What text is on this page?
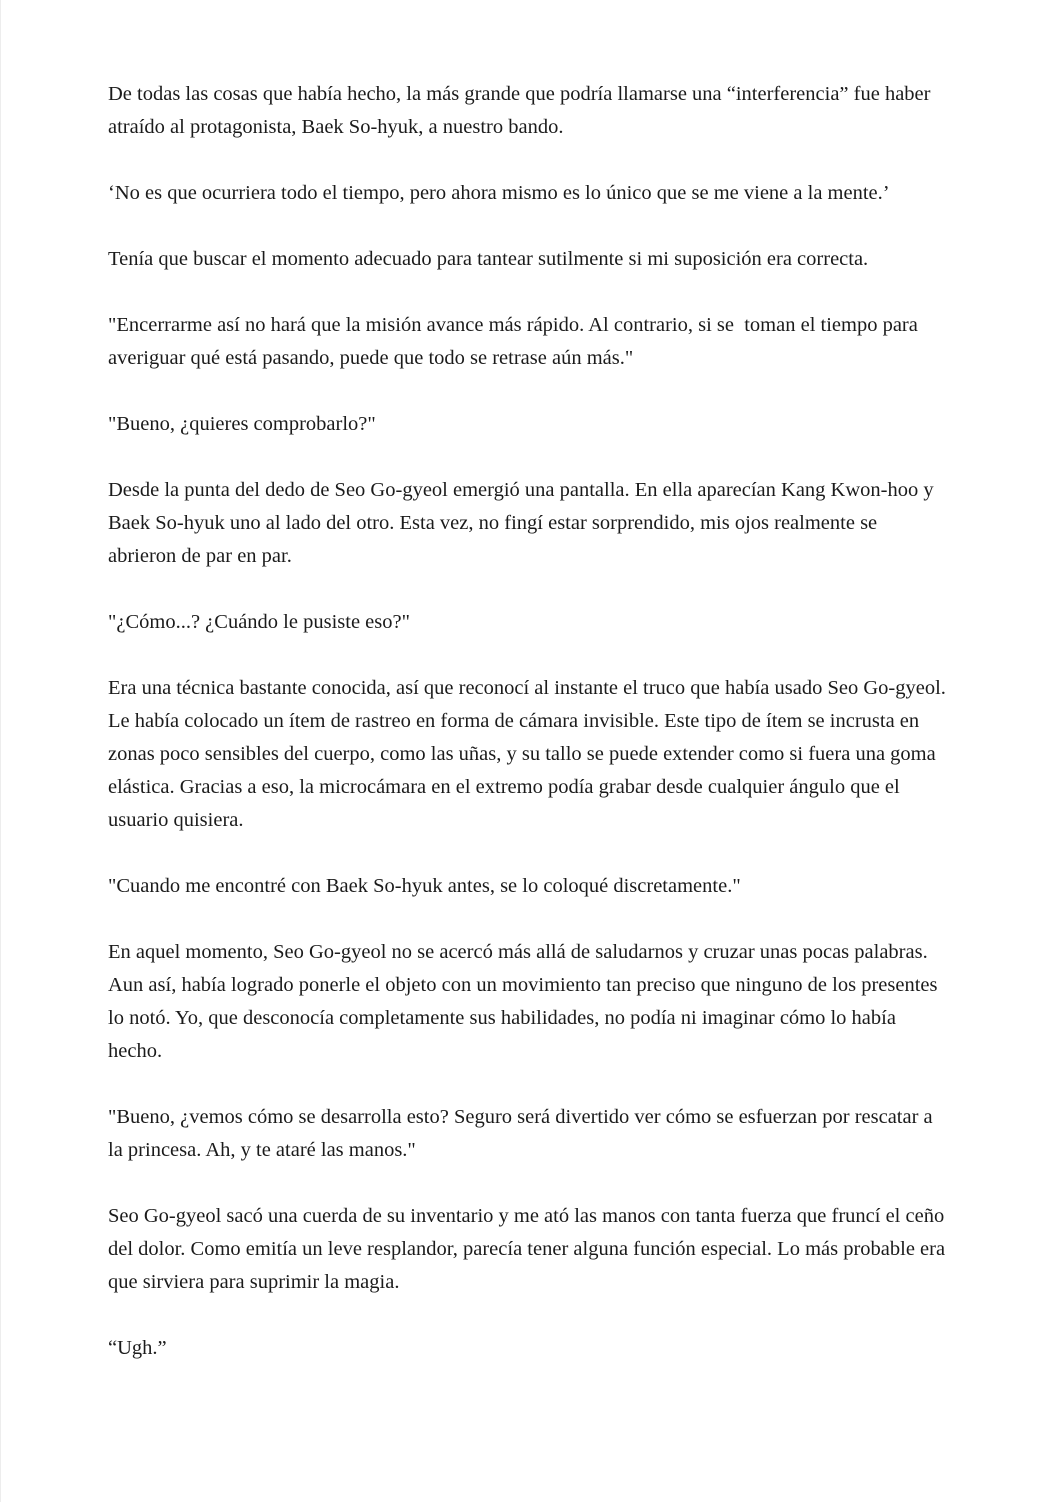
De todas las cosas que había hecho, la más grande que podría llamarse una “interferencia” fue haber atraído al protagonista, Baek So-hyuk, a nuestro bando.

‘No es que ocurriera todo el tiempo, pero ahora mismo es lo único que se me viene a la mente.’

Tenía que buscar el momento adecuado para tantear sutilmente si mi suposición era correcta.

"Encerrarme así no hará que la misión avance más rápido. Al contrario, si se  toman el tiempo para averiguar qué está pasando, puede que todo se retrase aún más."

"Bueno, ¿quieres comprobarlo?"

Desde la punta del dedo de Seo Go-gyeol emergió una pantalla. En ella aparecían Kang Kwon-hoo y Baek So-hyuk uno al lado del otro. Esta vez, no fingí estar sorprendido, mis ojos realmente se abrieron de par en par.

"¿Cómo...? ¿Cuándo le pusiste eso?"

Era una técnica bastante conocida, así que reconocí al instante el truco que había usado Seo Go-gyeol. Le había colocado un ítem de rastreo en forma de cámara invisible. Este tipo de ítem se incrusta en zonas poco sensibles del cuerpo, como las uñas, y su tallo se puede extender como si fuera una goma elástica. Gracias a eso, la microcámara en el extremo podía grabar desde cualquier ángulo que el usuario quisiera.

"Cuando me encontré con Baek So-hyuk antes, se lo coloqué discretamente."

En aquel momento, Seo Go-gyeol no se acercó más allá de saludarnos y cruzar unas pocas palabras. Aun así, había logrado ponerle el objeto con un movimiento tan preciso que ninguno de los presentes lo notó. Yo, que desconocía completamente sus habilidades, no podía ni imaginar cómo lo había hecho.

"Bueno, ¿vemos cómo se desarrolla esto? Seguro será divertido ver cómo se esfuerzan por rescatar a la princesa. Ah, y te ataré las manos."

Seo Go-gyeol sacó una cuerda de su inventario y me ató las manos con tanta fuerza que fruncí el ceño del dolor. Como emitía un leve resplandor, parecía tener alguna función especial. Lo más probable era que sirviera para suprimir la magia.

“Ugh.”
